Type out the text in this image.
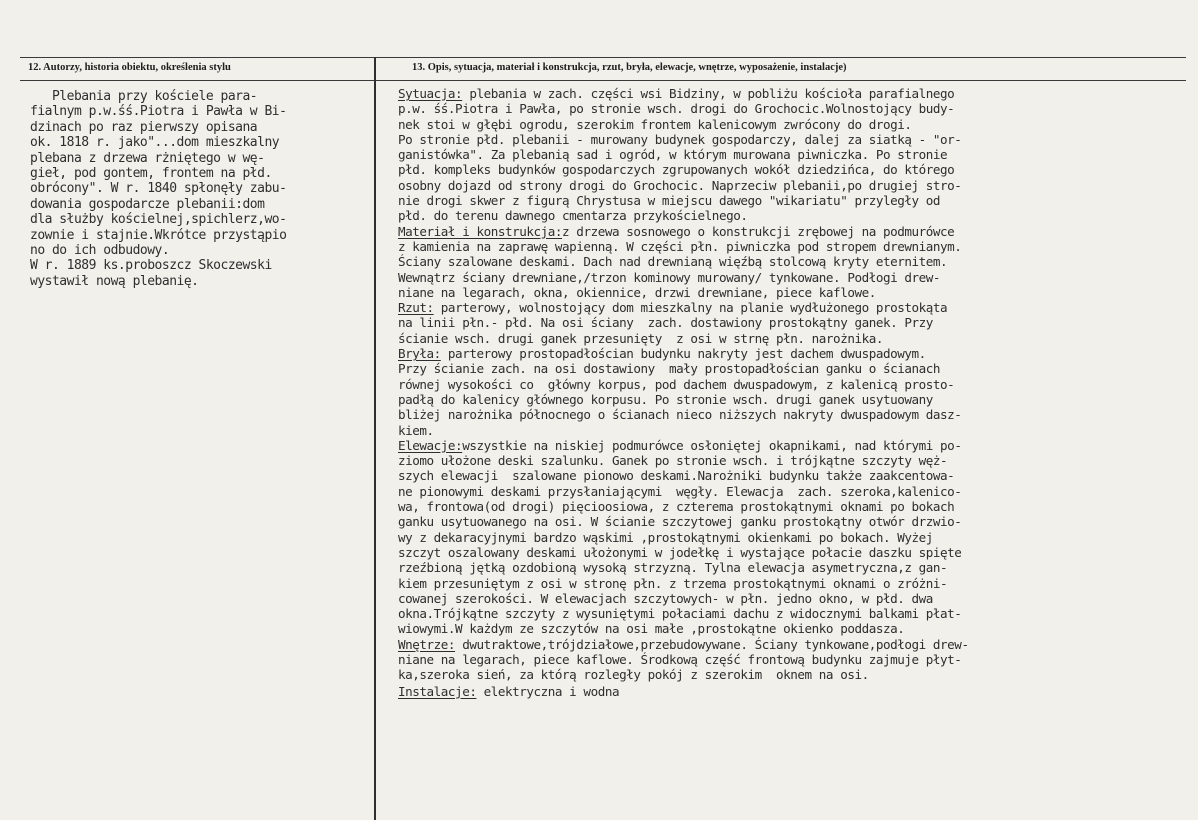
12. Autorzy, historia obiektu, określenia stylu	13. Opis, sytuacja, materiał i konstrukcja, rzut, bryła, elewacje, wnętrze, wyposażenie, instalacje)
Plebania przy kościele para-
fialnym p.w.śś.Piotra i Pawła w Bi-
dzinach po raz pierwszy opisana
ok. 1818 r. jako"...dom mieszkalny
plebana z drzewa rżniętego w wę-
gieł, pod gontem, frontem na płd.
obrócony". W r. 1840 spłonęły zabu-
dowania gospodarcze plebanii:dom
dla służby kościelnej,spichlerz,wo-
zownie i stajnie.Wkrótce przystąpio
no do ich odbudowy.
W r. 1889 ks.proboszcz Skoczewski
wystawił nową plebanię.
Sytuacja: plebania w zach. części wsi Bidziny, w pobliżu kościoła parafialnego
p.w. śś.Piotra i Pawła, po stronie wsch. drogi do Grochocic.Wolnostojący budy-
nek stoi w głębi ogrodu, szerokim frontem kalenicowym zwrócony do drogi.
Po stronie płd. plebanii - murowany budynek gospodarczy, dalej za siatką - "or-
ganistówka". Za plebanią sad i ogród, w którym murowana piwniczka. Po stronie
płd. kompleks budynków gospodarczych zgrupowanych wokół dziedzińca, do którego
osobny dojazd od strony drogi do Grochocic. Naprzeciw plebanii,po drugiej stro-
nie drogi skwer z figurą Chrystusa w miejscu dawego "wikariatu" przyległy od
płd. do terenu dawnego cmentarza przykościelnego.
Materiał i konstrukcja:z drzewa sosnowego o konstrukcji zrębowej na podmurówce
z kamienia na zaprawę wapienną. W części płn. piwniczka pod stropem drewnianym.
Ściany szalowane deskami. Dach nad drewnianą więźbą stolcową kryty eternitem.
Wewnątrz ściany drewniane,/trzon kominowy murowany/ tynkowane. Podłogi drew-
niane na legarach, okna, okiennice, drzwi drewniane, piece kaflowe.
Rzut: parterowy, wolnostojący dom mieszkalny na planie wydłużonego prostokąta
na linii płn.- płd. Na osi ściany  zach. dostawiony prostokątny ganek. Przy
ścianie wsch. drugi ganek przesunięty  z osi w strnę płn. narożnika.
Bryła: parterowy prostopadłościan budynku nakryty jest dachem dwuspadowym.
Przy ścianie zach. na osi dostawiony  mały prostopadłościan ganku o ścianach
równej wysokości co  główny korpus, pod dachem dwuspadowym, z kalenicą prosto-
padłą do kalenicy głównego korpusu. Po stronie wsch. drugi ganek usytuowany
bliżej narożnika północnego o ścianach nieco niższych nakryty dwuspadowym dasz-
kiem.
Elewacje:wszystkie na niskiej podmurówce osłoniętej okapnikami, nad którymi po-
ziomo ułożone deski szalunku. Ganek po stronie wsch. i trójkątne szczyty węż-
szych elewacji  szalowane pionowo deskami.Narożniki budynku także zaakcentowa-
ne pionowymi deskami przysłaniającymi  węgły. Elewacja  zach. szeroka,kalenico-
wa, frontowa(od drogi) pięcioosiowa, z czterema prostokątnymi oknami po bokach
ganku usytuowanego na osi. W ścianie szczytowej ganku prostokątny otwór drzwio-
wy z dekaracyjnymi bardzo wąskimi ,prostokątnymi okienkami po bokach. Wyżej
szczyt oszalowany deskami ułożonymi w jodełkę i wystające połacie daszku spięte
rzeźbioną jętką ozdobioną wysoką strzyzną. Tylna elewacja asymetryczna,z gan-
kiem przesuniętym z osi w stronę płn. z trzema prostokątnymi oknami o zróżni-
cowanej szerokości. W elewacjach szczytowych- w płn. jedno okno, w płd. dwa
okna.Trójkątne szczyty z wysuniętymi połaciami dachu z widocznymi balkami płat-
wiowymi.W każdym ze szczytów na osi małe ,prostokątne okienko poddasza.
Wnętrze: dwutraktowe,trójdziałowe,przebudowywane. Ściany tynkowane,podłogi drew-
niane na legarach, piece kaflowe. Środkową część frontową budynku zajmuje płyt-
ka,szeroka sień, za którą rozległy pokój z szerokim  oknem na osi.
Instalacje: elektryczna i wodna
